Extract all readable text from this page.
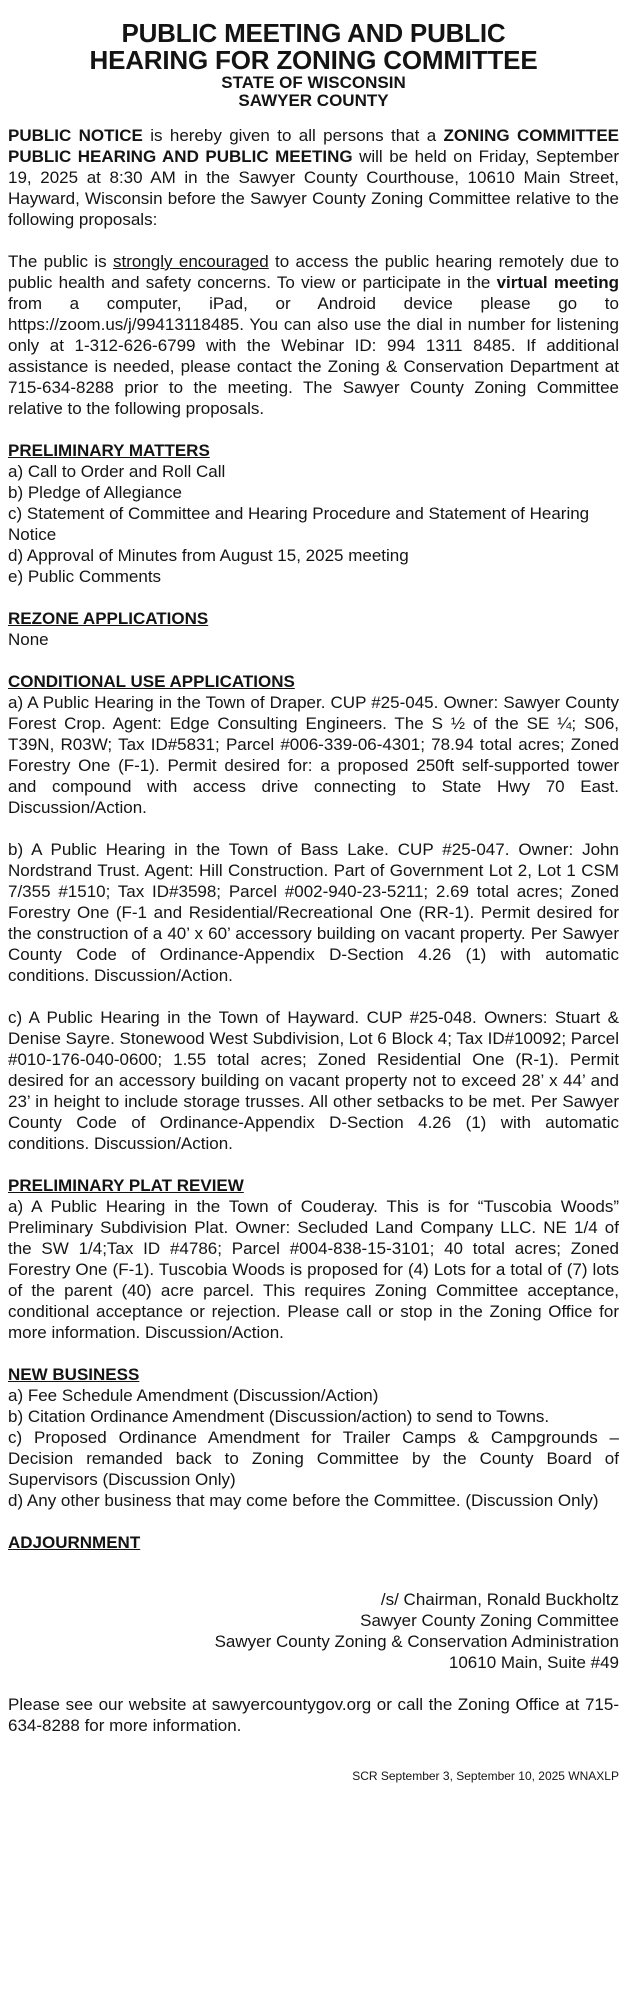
PUBLIC MEETING AND PUBLIC
HEARING FOR ZONING COMMITTEE
STATE OF WISCONSIN
SAWYER COUNTY

PUBLIC NOTICE is hereby given to all persons that a ZONING COMMITTEE PUBLIC HEARING AND PUBLIC MEETING will be held on Friday, September 19, 2025 at 8:30 AM in the Sawyer County Courthouse, 10610 Main Street, Hayward, Wisconsin before the Sawyer County Zoning Committee relative to the following proposals:

The public is strongly encouraged to access the public hearing remotely due to public health and safety concerns. To view or participate in the virtual meeting from a computer, iPad, or Android device please go to https://zoom.us/j/99413118485. You can also use the dial in number for listening only at 1-312-626-6799 with the Webinar ID: 994 1311 8485. If additional assistance is needed, please contact the Zoning & Conservation Department at 715-634-8288 prior to the meeting. The Sawyer County Zoning Committee relative to the following proposals.

PRELIMINARY MATTERS
a) Call to Order and Roll Call
b) Pledge of Allegiance
c) Statement of Committee and Hearing Procedure and Statement of Hearing Notice
d) Approval of Minutes from August 15, 2025 meeting
e) Public Comments
REZONE APPLICATIONS
None
CONDITIONAL USE APPLICATIONS

a) A Public Hearing in the Town of Draper. CUP #25-045. Owner: Sawyer County Forest Crop. Agent: Edge Consulting Engineers. The S ½ of the SE ¼; S06, T39N, R03W; Tax ID#5831; Parcel #006-339-06-4301; 78.94 total acres; Zoned Forestry One (F-1). Permit desired for: a proposed 250ft self-supported tower and compound with access drive connecting to State Hwy 70 East. Discussion/Action.

b) A Public Hearing in the Town of Bass Lake. CUP #25-047. Owner: John Nordstrand Trust. Agent: Hill Construction. Part of Government Lot 2, Lot 1 CSM 7/355 #1510; Tax ID#3598; Parcel #002-940-23-5211; 2.69 total acres; Zoned Forestry One (F-1 and Residential/Recreational One (RR-1). Permit desired for the construction of a 40’ x 60’ accessory building on vacant property. Per Sawyer County Code of Ordinance-Appendix D-Section 4.26 (1) with automatic conditions. Discussion/Action.

c) A Public Hearing in the Town of Hayward. CUP #25-048. Owners: Stuart & Denise Sayre. Stonewood West Subdivision, Lot 6 Block 4; Tax ID#10092; Parcel #010-176-040-0600; 1.55 total acres; Zoned Residential One (R-1). Permit desired for an accessory building on vacant property not to exceed 28’ x 44’ and 23’ in height to include storage trusses. All other setbacks to be met. Per Sawyer County Code of Ordinance-Appendix D-Section 4.26 (1) with automatic conditions. Discussion/Action.

PRELIMINARY PLAT REVIEW

a) A Public Hearing in the Town of Couderay. This is for “Tuscobia Woods” Preliminary Subdivision Plat. Owner: Secluded Land Company LLC. NE 1/4 of the SW 1/4;Tax ID #4786; Parcel #004-838-15-3101; 40 total acres; Zoned Forestry One (F-1). Tuscobia Woods is proposed for (4) Lots for a total of (7) lots of the parent (40) acre parcel. This requires Zoning Committee acceptance, conditional acceptance or rejection. Please call or stop in the Zoning Office for more information. Discussion/Action.

NEW BUSINESS

a) Fee Schedule Amendment (Discussion/Action)

b) Citation Ordinance Amendment (Discussion/action) to send to Towns.

c) Proposed Ordinance Amendment for Trailer Camps & Campgrounds – Decision remanded back to Zoning Committee by the County Board of Supervisors (Discussion Only)

d) Any other business that may come before the Committee. (Discussion Only)

ADJOURNMENT
/s/ Chairman, Ronald Buckholtz
Sawyer County Zoning Committee
Sawyer County Zoning & Conservation Administration
10610 Main, Suite #49

Please see our website at sawyercountygov.org or call the Zoning Office at 715-634-8288 for more information.

SCR September 3, September 10, 2025 WNAXLP
